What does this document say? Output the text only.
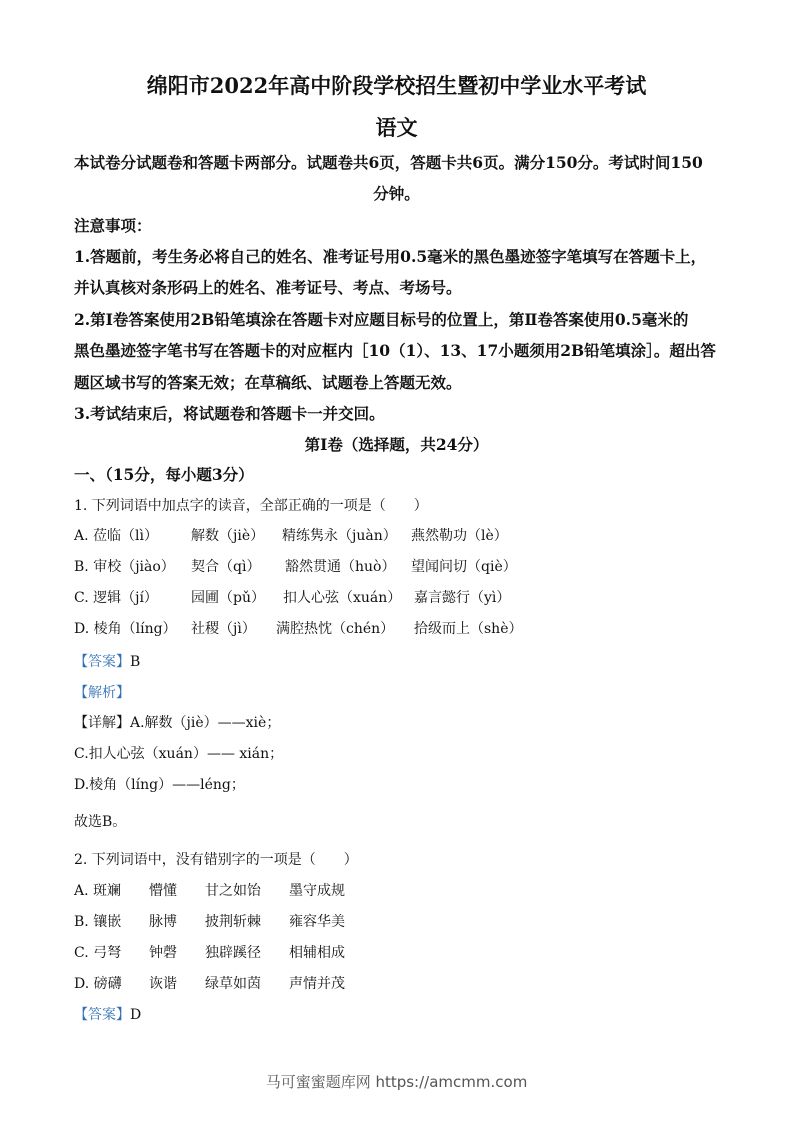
绵阳市2022年高中阶段学校招生暨初中学业水平考试
语文
本试卷分试题卷和答题卡两部分。试题卷共6页，答题卡共6页。满分150分。考试时间150
分钟。
注意事项：
1.答题前，考生务必将自己的姓名、准考证号用0.5毫米的黑色墨迹签字笔填写在答题卡上，
并认真核对条形码上的姓名、准考证号、考点、考场号。
2.第Ⅰ卷答案使用2B铅笔填涂在答题卡对应题目标号的位置上，第Ⅱ卷答案使用0.5毫米的
黑色墨迹签字笔书写在答题卡的对应框内［10（1）、13、17小题须用2B铅笔填涂］。超出答
题区域书写的答案无效；在草稿纸、试题卷上答题无效。
3.考试结束后，将试题卷和答题卡一并交回。
第Ⅰ卷（选择题，共24分）
一、（15分，每小题3分）
1. 下列词语中加点字的读音，全部正确的一项是（　　）
A. 莅临（lì） 解数（jiè） 精练隽永（juàn） 燕然勒功（lè）
B. 审校（jiào） 契合（qì） 豁然贯通（huò） 望闻问切（qiè）
C. 逻辑（jí） 园圃（pǔ） 扣人心弦（xuán） 嘉言懿行（yì）
D. 棱角（líng） 社稷（jì） 满腔热忱（chén） 拾级而上（shè）
【答案】B
【解析】
【详解】A.解数（jiè）——xiè；
C.扣人心弦（xuán）—— xián；
D.棱角（líng）——léng；
故选B。
2. 下列词语中，没有错别字的一项是（　　）
A. 斑斓 懵懂 甘之如饴 墨守成规
B. 镶嵌 脉博 披荆斩棘 雍容华美
C. 弓弩 钟磬 独辟蹊径 相辅相成
D. 磅礴 诙谐 绿草如茵 声情并茂
【答案】D
马可蜜蜜题库网 https://amcmm.com
